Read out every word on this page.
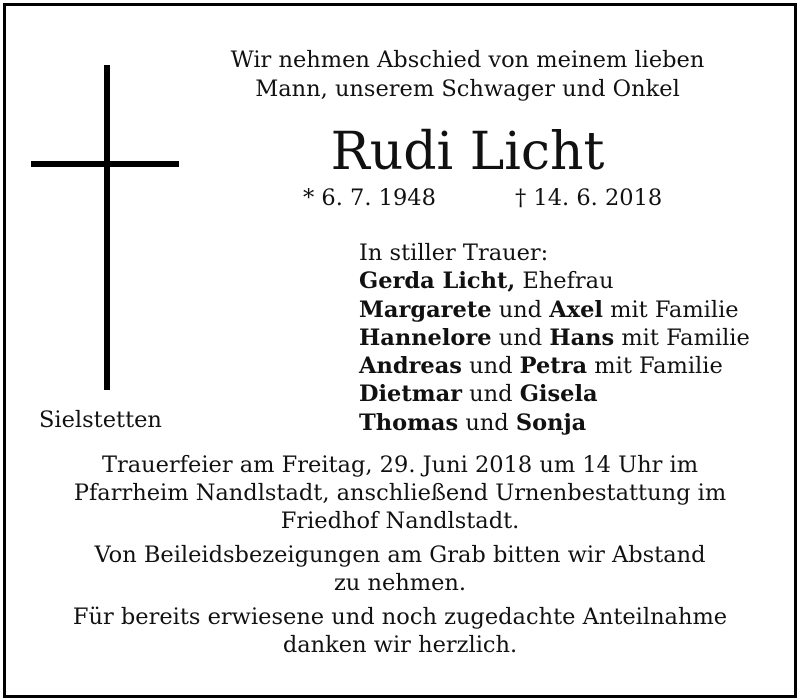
Wir nehmen Abschied von meinem lieben
Mann, unserem Schwager und Onkel
Rudi Licht
* 6. 7. 1948	† 14. 6. 2018
Sielstetten
In stiller Trauer:
Gerda Licht, Ehefrau
Margarete und Axel mit Familie
Hannelore und Hans mit Familie
Andreas und Petra mit Familie
Dietmar und Gisela
Thomas und Sonja

Trauerfeier am Freitag, 29. Juni 2018 um 14 Uhr im
Pfarrheim Nandlstadt, anschließend Urnenbestattung im
Friedhof Nandlstadt.

Von Beileidsbezeigungen am Grab bitten wir Abstand
zu nehmen.

Für bereits erwiesene und noch zugedachte Anteilnahme
danken wir herzlich.
